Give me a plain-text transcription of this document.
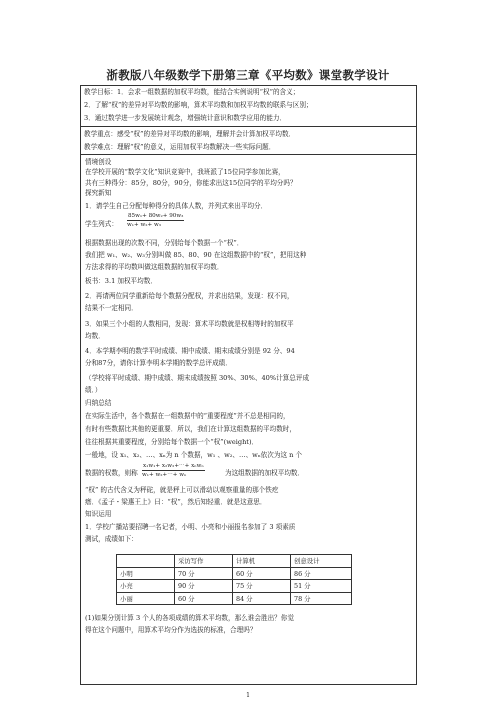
浙教版八年级数学下册第三章《平均数》课堂教学设计
教学目标：1．会求一组数据的加权平均数，能结合实例说明“权”的含义；
2．了解“权”的差异对平均数的影响，算术平均数和加权平均数的联系与区别；
3．通过数学进一步发展统计观念，增强统计意识和数学应用的能力．
教学重点：感受“权”的差异对平均数的影响，理解并会计算加权平均数．
教学难点：理解“权”的意义，运用加权平均数解决一些实际问题．
情境创设
在学校开展的“数学文化”知识竞赛中，我班派了15位同学参加比赛，
共有三种得分：85分，80分，90分，你能求出这15位同学的平均分吗？
探究新知
1．请学生自己分配每种得分的具体人数，并列式来出平均分．
学生列式：	$\frac{\text{85w₁+ 80w₂+ 90w₃}}{\text{w₁+ w₂+ w₃}}$
根据数据出现的次数不同，分别给每个数据一个“权”．
我们把 w₁、w₂、w₃分别叫做 85、80、90 在这组数据中的“权”，把用这种
方法求得的平均数叫做这组数据的加权平均数．
板书：3.1 加权平均数．
2．再请两位同学重新给每个数据分配权，并求出结果，发现：权不同，
结果不一定相同．
3．如果三个小组的人数相同，发现：算术平均数就是权相等时的加权平
均数．
4．本学期李明的数学平时成绩、期中成绩、期末成绩分别是 92 分、94
分和87分，请你计算李明本学期的数学总评成绩．
（学校将平时成绩、期中成绩、期末成绩按照 30%、30%、40%计算总评成
绩．）
归纳总结
在实际生活中，各个数据在一组数据中的“重要程度”并不总是相同的，
有时有些数据比其他的更重要．所以，我们在计算这组数据的平均数时，
往往根据其重要程度，分别给每个数据一个“权”(weight)．
一般地，设 x₁、x₂、…、xₙ为 n 个数据，w₁ 、w₂、…、wₙ依次为这 n 个
数据的权数，则称
x₁w₁+ x₂w₂+⋯+ xₙwₙ
w₁+ w₂+⋯+ wₙ	为这组数据的加权平均数．
“权” 的古代含义为秤砣，就是秤上可以滑动以观察重量的那个铁疙
瘩．《孟子・梁惠王上》曰：“权”，然后知轻重．就是这意思．
知识运用
1．学校广播站要招聘一名记者，小明、小亮和小丽报名参加了 3 项素质
测试，成绩如下：
	采访写作	计算机	创意设计
小明	70 分	60 分	86 分
小亮	90 分	75 分	51 分
小丽	60 分	84 分	78 分
(1)如果分别计算 3 个人的各项成绩的算术平均数，那么谁会胜出？你觉
得在这个问题中，用算术平均分作为选拔的标准，合理吗？
1
